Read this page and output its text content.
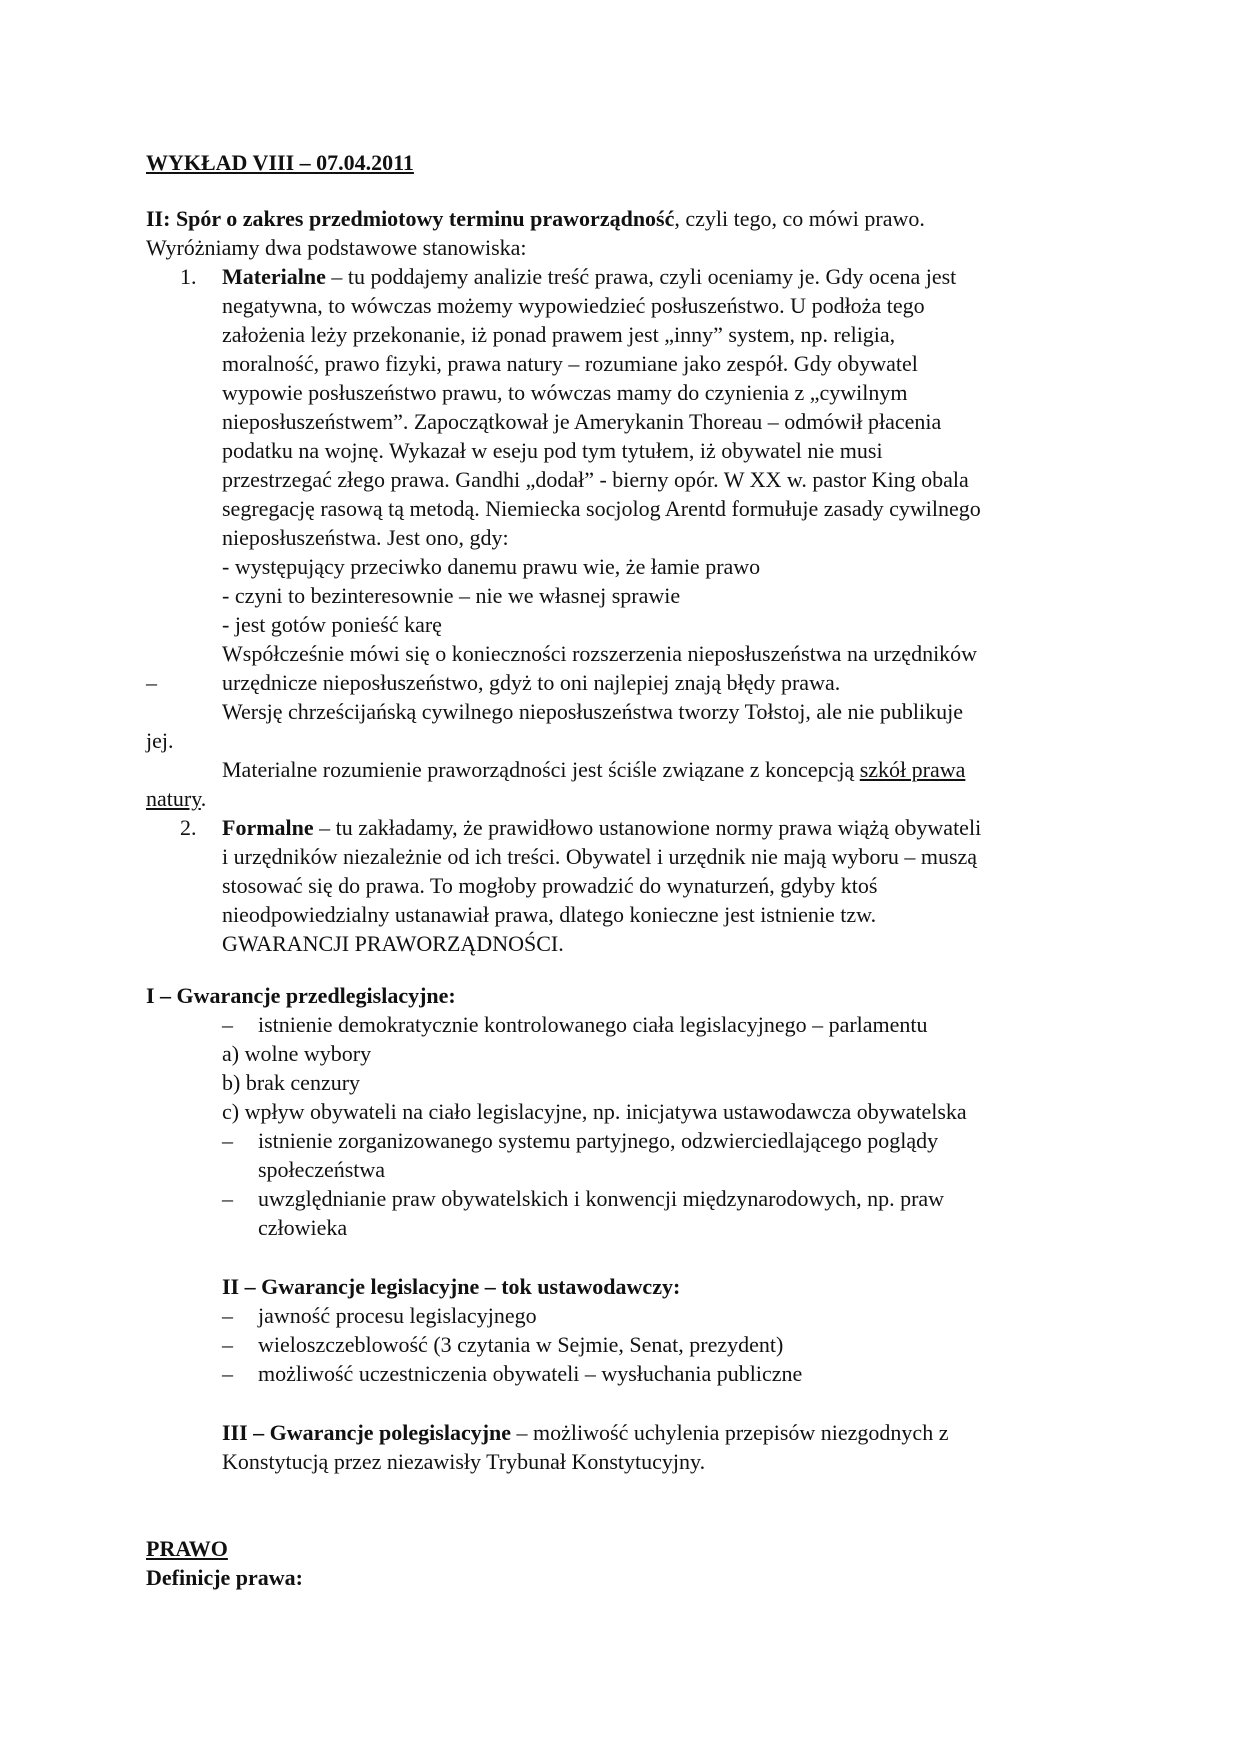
WYKŁAD VIII – 07.04.2011
II: Spór o zakres przedmiotowy terminu praworządność, czyli tego, co mówi prawo.
Wyróżniamy dwa podstawowe stanowiska:
1. Materialne – tu poddajemy analizie treść prawa, czyli oceniamy je. Gdy ocena jest
negatywna, to wówczas możemy wypowiedzieć posłuszeństwo. U podłoża tego
założenia leży przekonanie, iż ponad prawem jest „inny” system, np. religia,
moralność, prawo fizyki, prawa natury – rozumiane jako zespół. Gdy obywatel
wypowie posłuszeństwo prawu, to wówczas mamy do czynienia z „cywilnym
nieposłuszeństwem”. Zapoczątkował je Amerykanin Thoreau – odmówił płacenia
podatku na wojnę. Wykazał w eseju pod tym tytułem, iż obywatel nie musi
przestrzegać złego prawa. Gandhi „dodał” - bierny opór. W XX w. pastor King obala
segregację rasową tą metodą. Niemiecka socjolog Arentd formułuje zasady cywilnego
nieposłuszeństwa. Jest ono, gdy:
- występujący przeciwko danemu prawu wie, że łamie prawo
- czyni to bezinteresownie – nie we własnej sprawie
- jest gotów ponieść karę
Współcześnie mówi się o konieczności rozszerzenia nieposłuszeństwa na urzędników
–	urzędnicze nieposłuszeństwo, gdyż to oni najlepiej znają błędy prawa.
Wersję chrześcijańską cywilnego nieposłuszeństwa tworzy Tołstoj, ale nie publikuje
jej.
Materialne rozumienie praworządności jest ściśle związane z koncepcją szkół prawa
natury.
2. Formalne – tu zakładamy, że prawidłowo ustanowione normy prawa wiążą obywateli
i urzędników niezależnie od ich treści. Obywatel i urzędnik nie mają wyboru – muszą
stosować się do prawa. To mogłoby prowadzić do wynaturzeń, gdyby ktoś
nieodpowiedzialny ustanawiał prawa, dlatego konieczne jest istnienie tzw.
GWARANCJI PRAWORZĄDNOŚCI.
I – Gwarancje przedlegislacyjne:
– istnienie demokratycznie kontrolowanego ciała legislacyjnego – parlamentu
a) wolne wybory
b) brak cenzury
c) wpływ obywateli na ciało legislacyjne, np. inicjatywa ustawodawcza obywatelska
– istnienie zorganizowanego systemu partyjnego, odzwierciedlającego poglądy
społeczeństwa
– uwzględnianie praw obywatelskich i konwencji międzynarodowych, np. praw
człowieka
II – Gwarancje legislacyjne – tok ustawodawczy:
– jawność procesu legislacyjnego
– wieloszczeblowość (3 czytania w Sejmie, Senat, prezydent)
– możliwość uczestniczenia obywateli – wysłuchania publiczne
III – Gwarancje polegislacyjne – możliwość uchylenia przepisów niezgodnych z
Konstytucją przez niezawisły Trybunał Konstytucyjny.
PRAWO
Definicje prawa:
